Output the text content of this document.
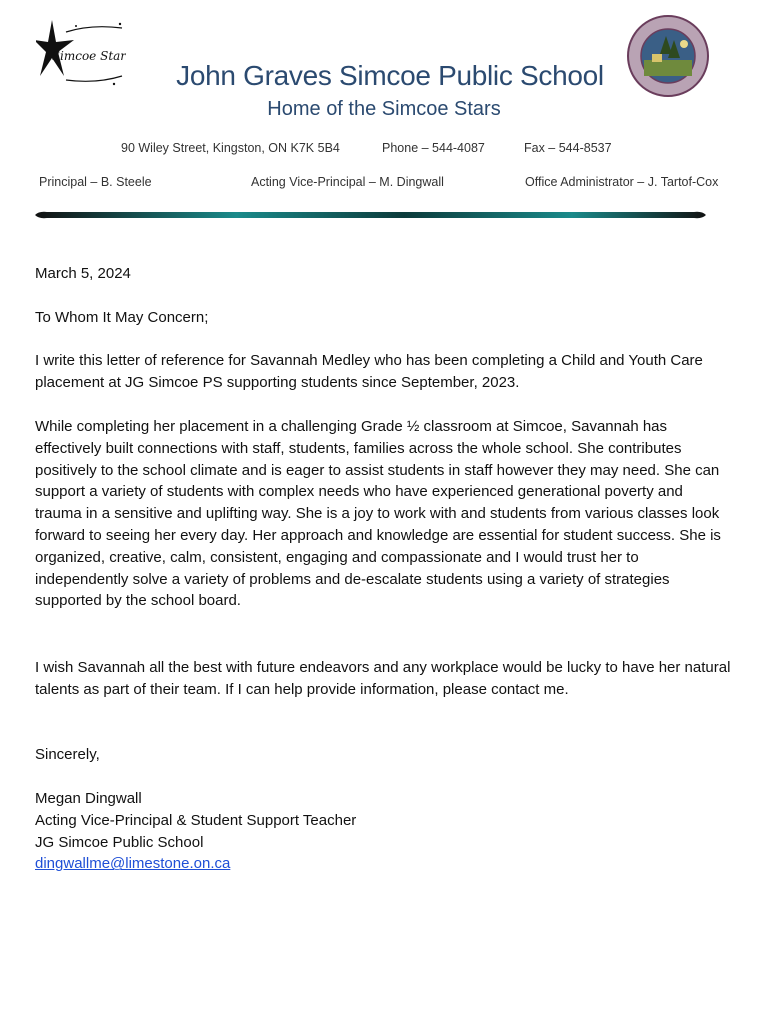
Simcoe Stars
John Graves Simcoe Public School
Home of the Simcoe Stars
90 Wiley Street, Kingston, ON K7K 5B4	Phone – 544-4087	Fax – 544-8537
Principal – B. Steele	Acting Vice-Principal – M. Dingwall	Office Administrator – J. Tartof-Cox
March 5, 2024
To Whom It May Concern;
I write this letter of reference for Savannah Medley who has been completing a Child and Youth Care placement at JG Simcoe PS supporting students since September, 2023.
While completing her placement in a challenging Grade ½ classroom at Simcoe, Savannah has effectively built connections with staff, students, families across the whole school. She contributes positively to the school climate and is eager to assist students in staff however they may need. She can support a variety of students with complex needs who have experienced generational poverty and trauma in a sensitive and uplifting way. She is a joy to work with and students from various classes look forward to seeing her every day. Her approach and knowledge are essential for student success. She is organized, creative, calm, consistent, engaging and compassionate and I would trust her to independently solve a variety of problems and de-escalate students using a variety of strategies supported by the school board.
I wish Savannah all the best with future endeavors and any workplace would be lucky to have her natural talents as part of their team. If I can help provide information, please contact me.
Sincerely,
Megan Dingwall
Acting Vice-Principal & Student Support Teacher
JG Simcoe Public School
dingwallme@limestone.on.ca
